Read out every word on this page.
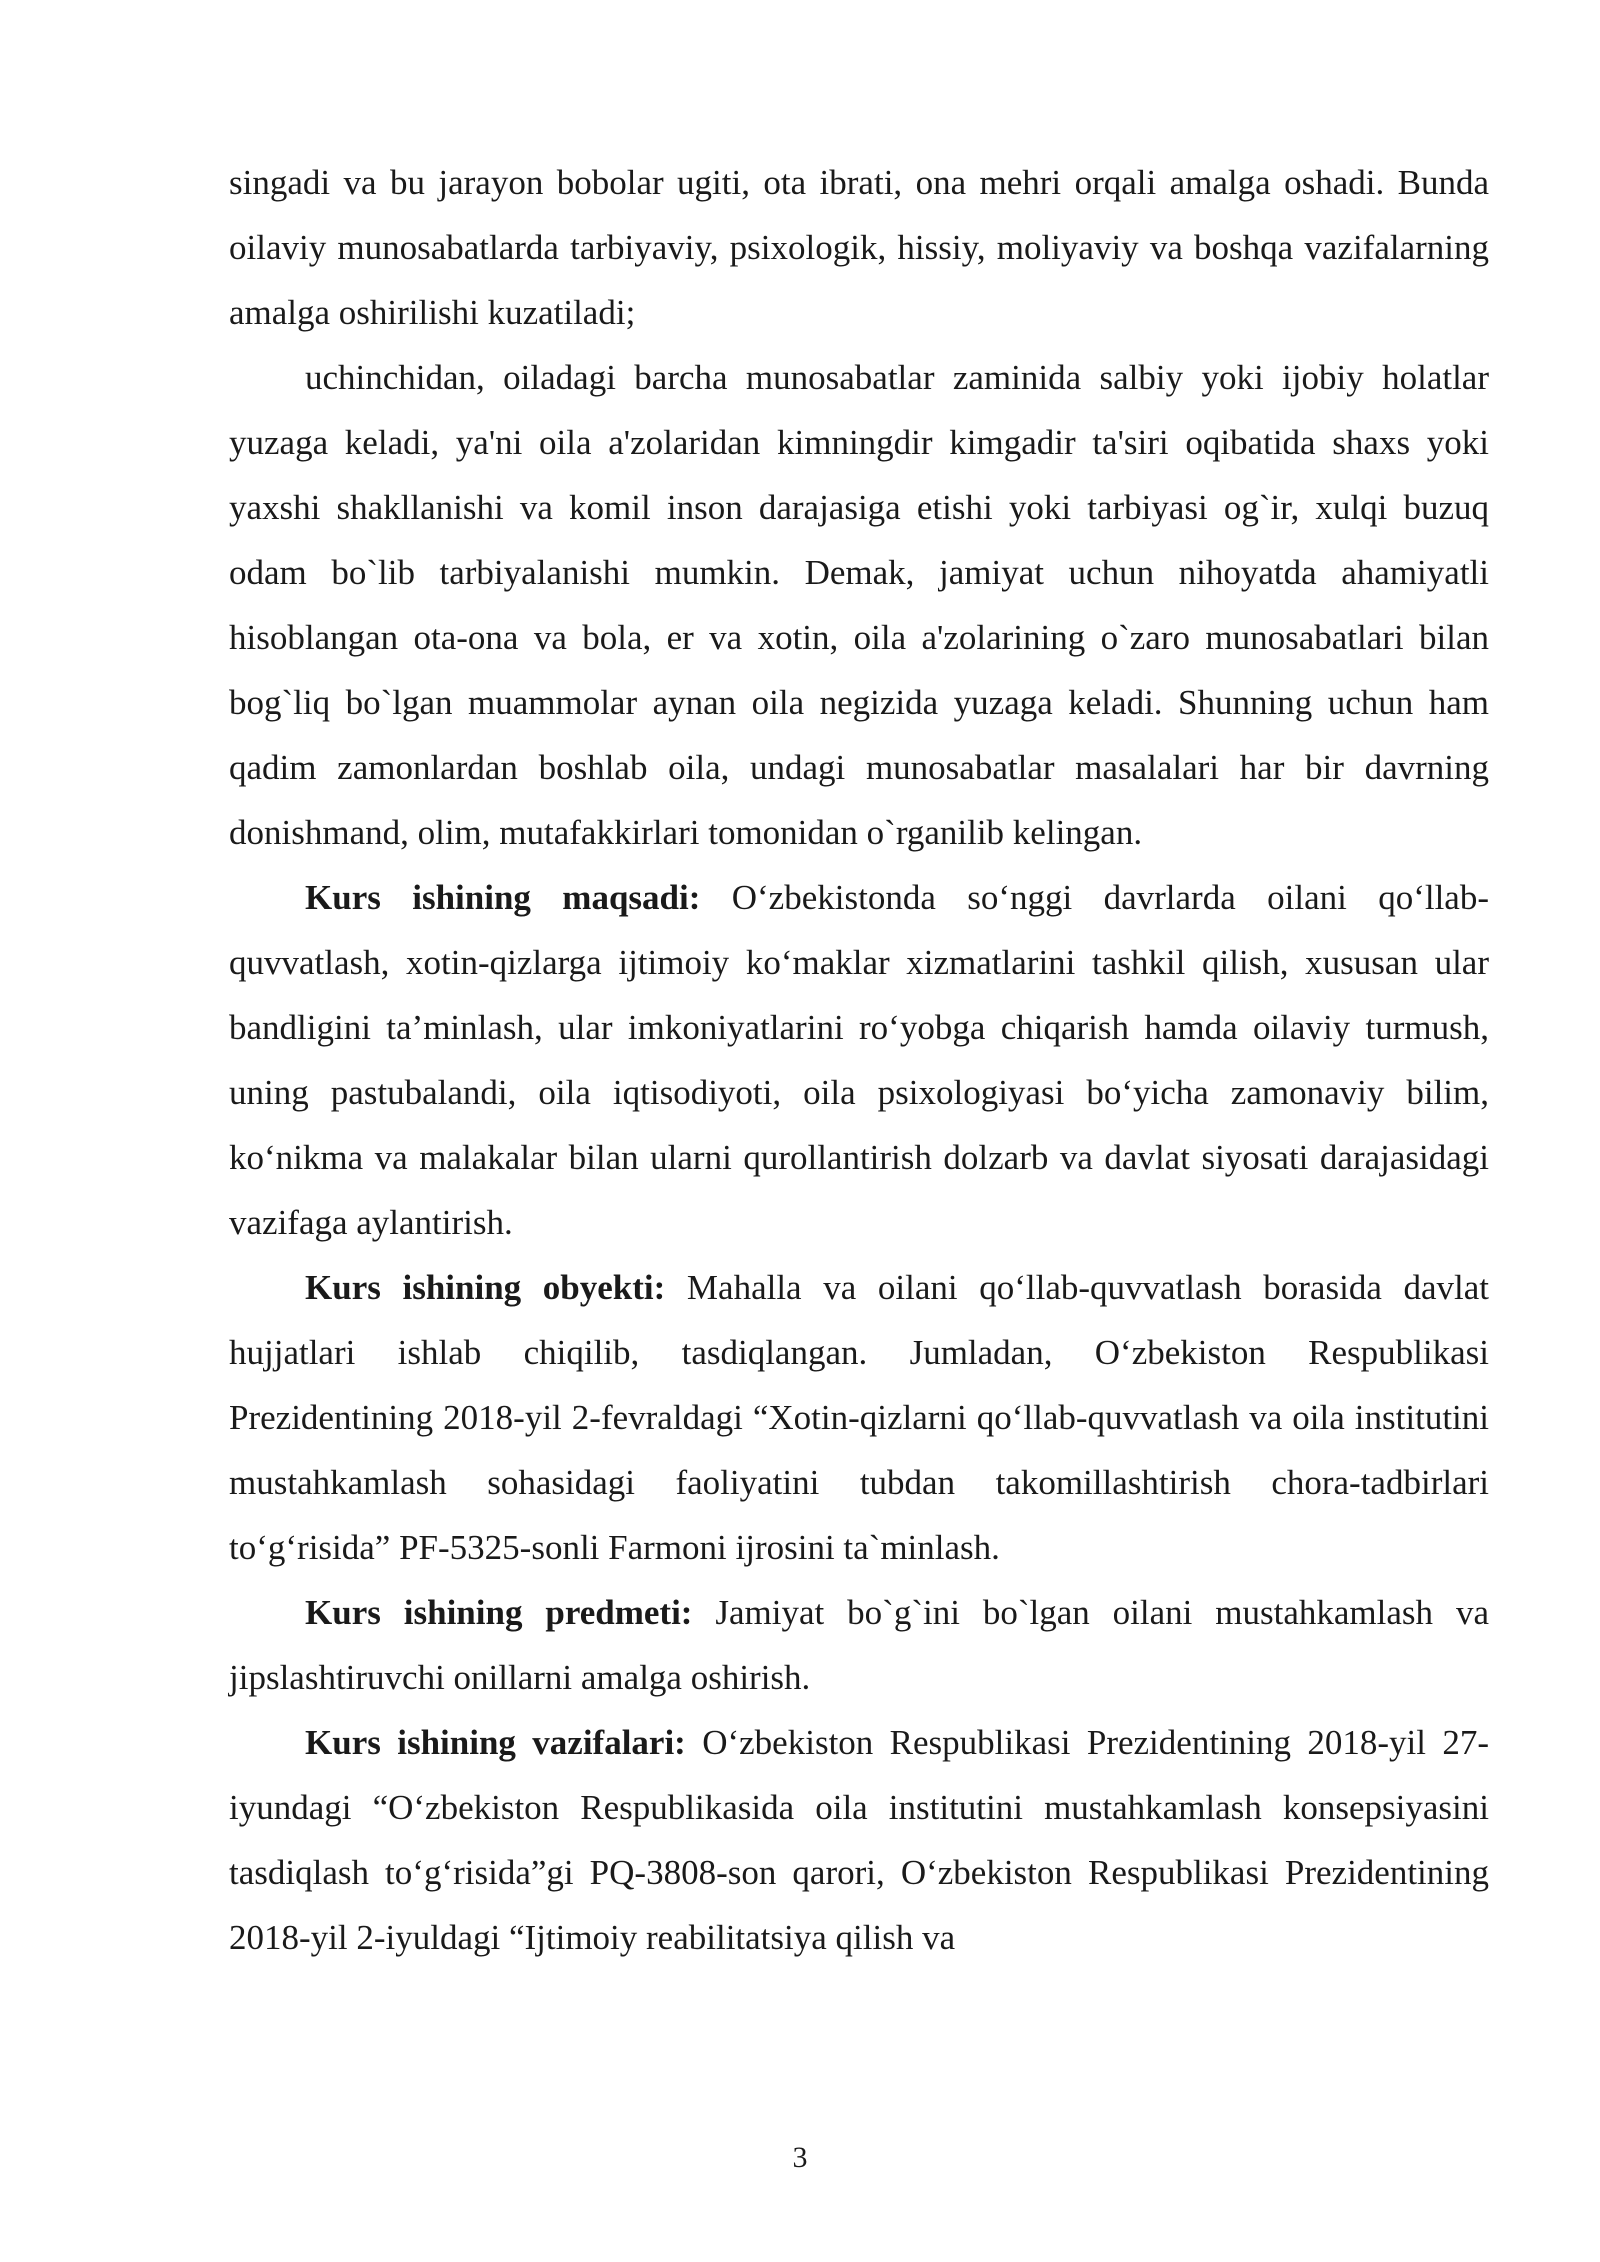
singadi va bu jarayon bobolar ugiti, ota ibrati, ona mehri orqali amalga oshadi. Bunda oilaviy munosabatlarda tarbiyaviy, psixologik, hissiy, moliyaviy va boshqa vazifalarning amalga oshirilishi kuzatiladi;

uchinchidan, oiladagi barcha munosabatlar zaminida salbiy yoki ijobiy holatlar yuzaga keladi, ya'ni oila a'zolaridan kimningdir kimgadir ta'siri oqibatida shaxs yoki yaxshi shakllanishi va komil inson darajasiga etishi yoki tarbiyasi og`ir, xulqi buzuq odam bo`lib tarbiyalanishi mumkin. Demak, jamiyat uchun nihoyatda ahamiyatli hisoblangan ota-ona va bola, er va xotin, oila a'zolarining o`zaro munosabatlari bilan bog`liq bo`lgan muammolar aynan oila negizida yuzaga keladi. Shunning uchun ham qadim zamonlardan boshlab oila, undagi munosabatlar masalalari har bir davrning donishmand, olim, mutafakkirlari tomonidan o`rganilib kelingan.

Kurs ishining maqsadi: O‘zbekistonda so‘nggi davrlarda oilani qo‘llab-quvvatlash, xotin-qizlarga ijtimoiy ko‘maklar xizmatlarini tashkil qilish, xususan ular bandligini ta’minlash, ular imkoniyatlarini ro‘yobga chiqarish hamda oilaviy turmush, uning pastubalandi, oila iqtisodiyoti, oila psixologiyasi bo‘yicha zamonaviy bilim, ko‘nikma va malakalar bilan ularni qurollantirish dolzarb va davlat siyosati darajasidagi vazifaga aylantirish.

Kurs ishining obyekti: Mahalla va oilani qo‘llab-quvvatlash borasida davlat hujjatlari ishlab chiqilib, tasdiqlangan. Jumladan, O‘zbekiston Respublikasi Prezidentining 2018-yil 2-fevraldagi “Xotin-qizlarni qo‘llab-quvvatlash va oila institutini mustahkamlash sohasidagi faoliyatini tubdan takomillashtirish chora-tadbirlari to‘g‘risida” PF-5325-sonli Farmoni ijrosini ta`minlash.

Kurs ishining predmeti: Jamiyat bo`g`ini bo`lgan oilani mustahkamlash va jipslashtiruvchi onillarni amalga oshirish.

Kurs ishining vazifalari: O‘zbekiston Respublikasi Prezidentining 2018-yil 27-iyundagi “O‘zbekiston Respublikasida oila institutini mustahkamlash konsepsiyasini tasdiqlash to‘g‘risida”gi PQ-3808-son qarori, O‘zbekiston Respublikasi Prezidentining 2018-yil 2-iyuldagi “Ijtimoiy reabilitatsiya qilish va

3
